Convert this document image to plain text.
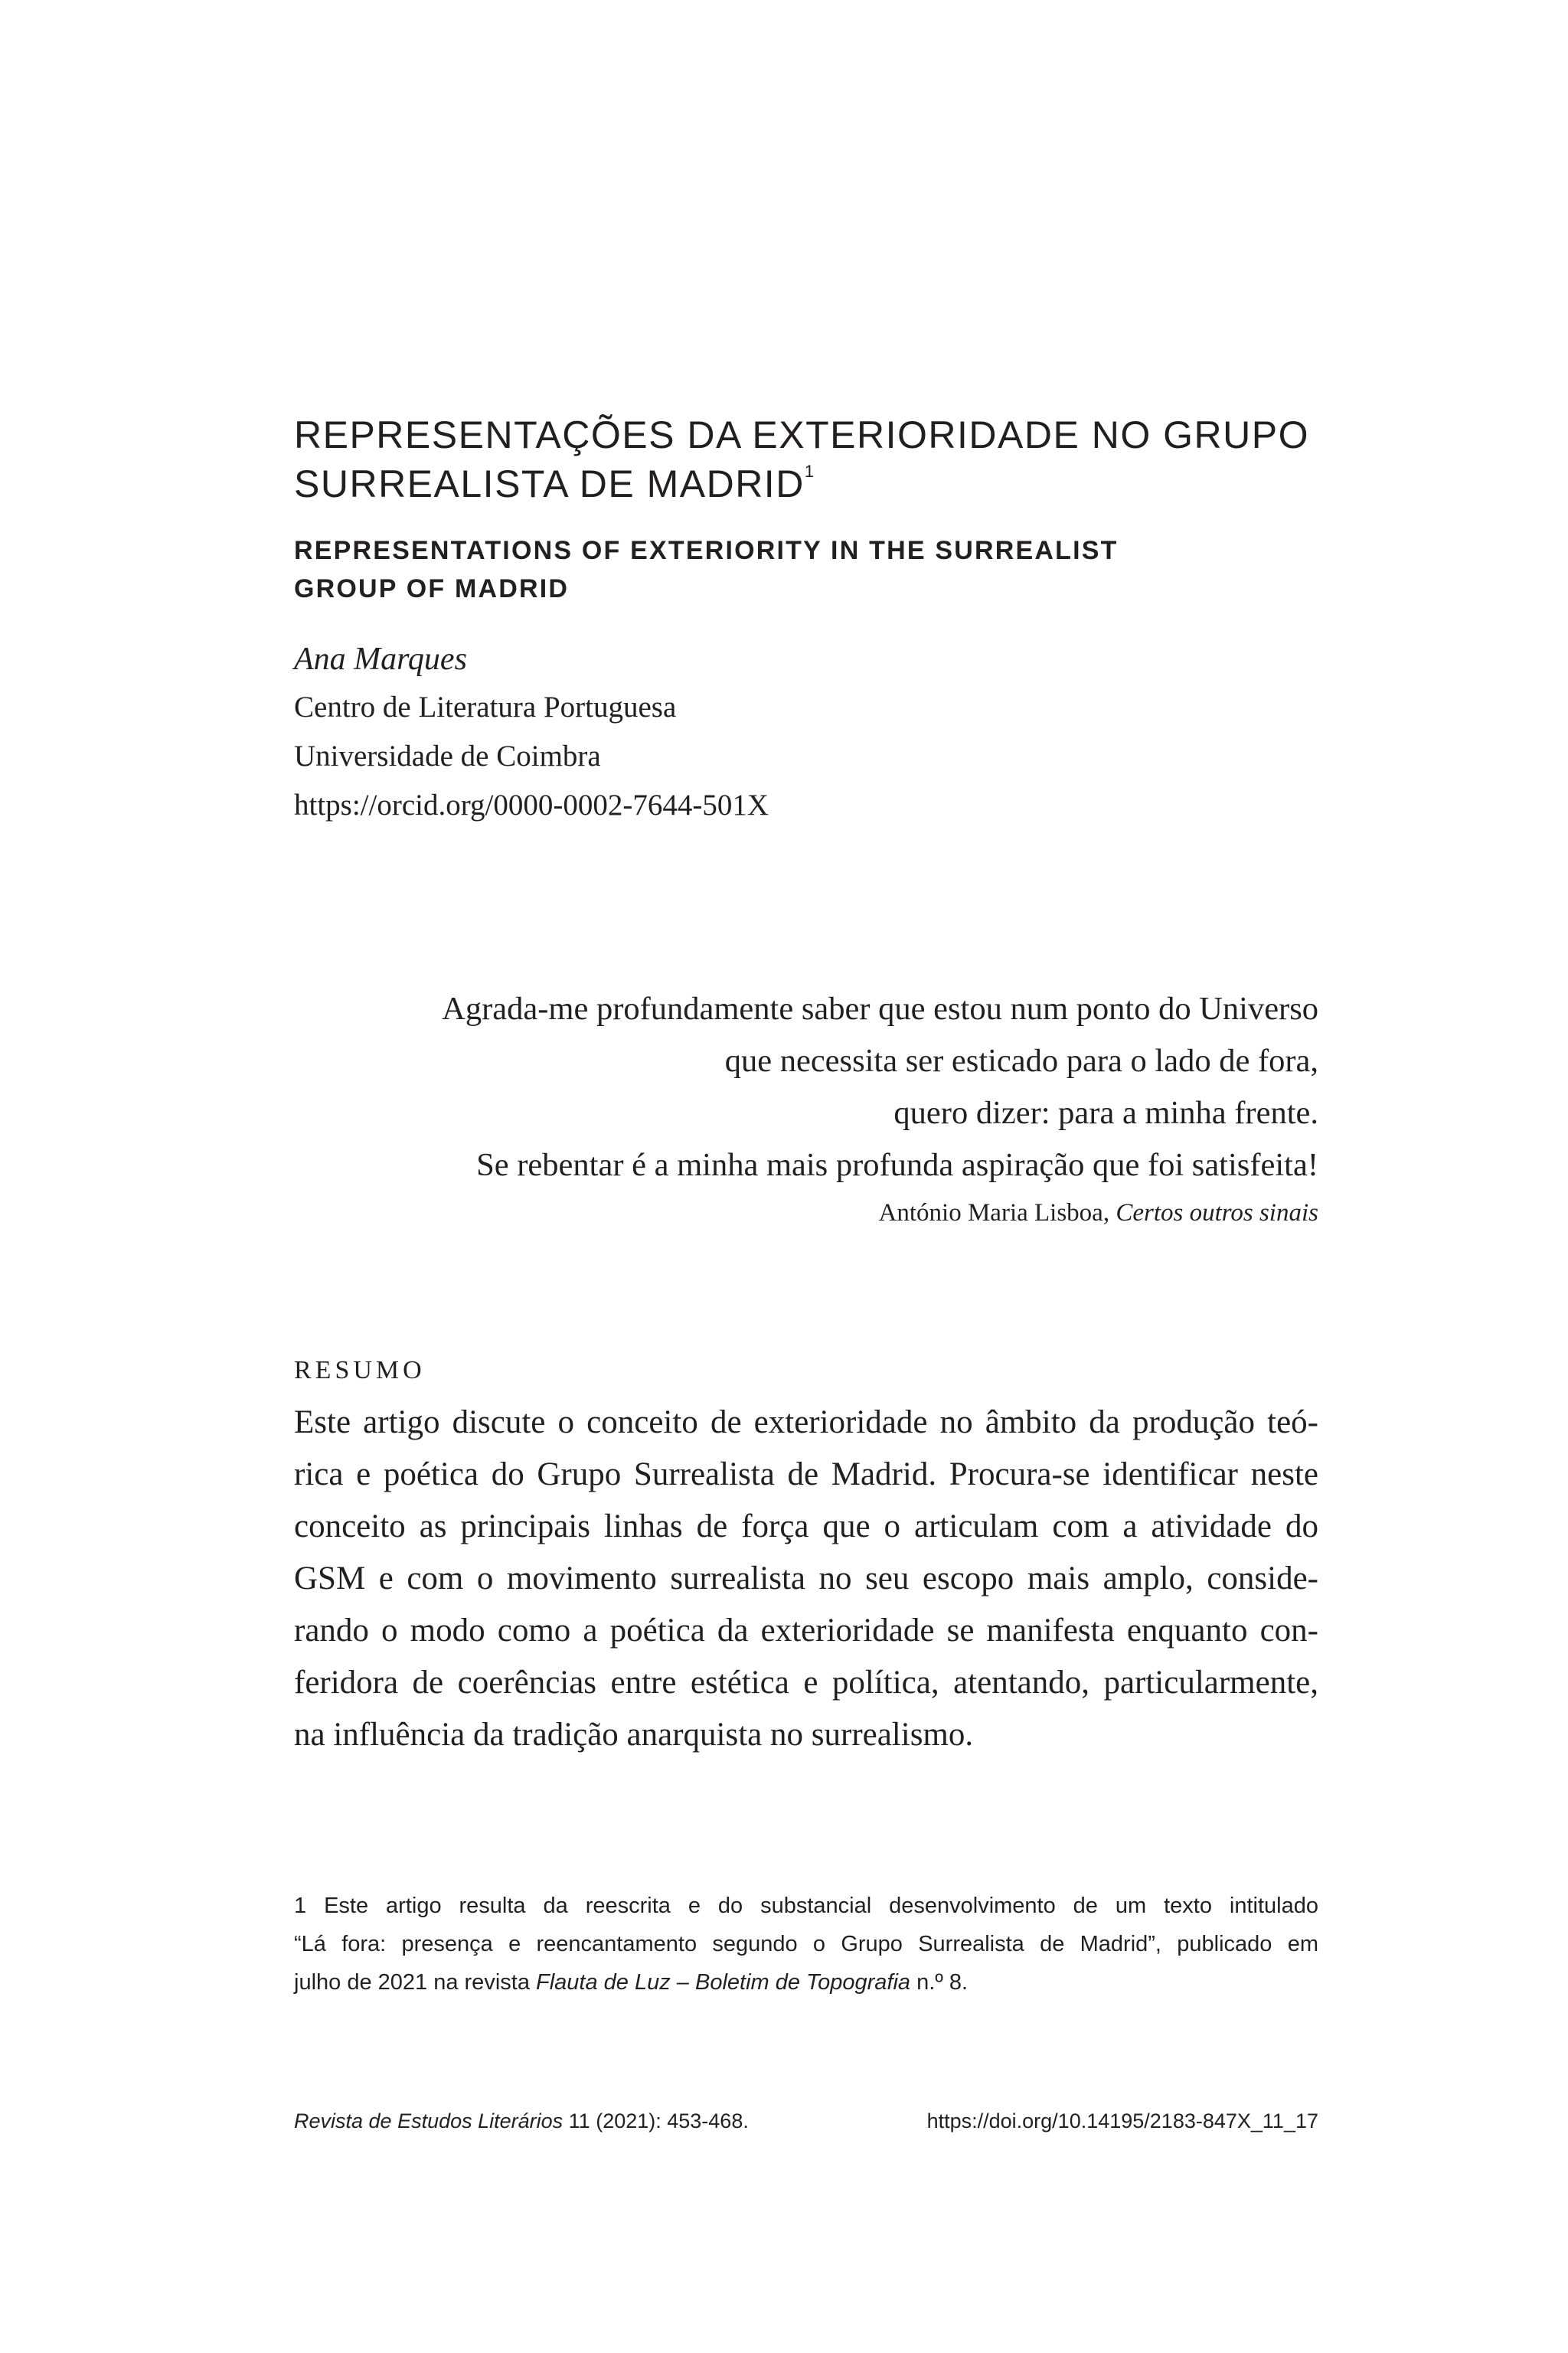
REPRESENTAÇÕES DA EXTERIORIDADE NO GRUPO
SURREALISTA DE MADRID$^1$
REPRESENTATIONS OF EXTERIORITY IN THE SURREALIST
GROUP OF MADRID
Ana Marques
Centro de Literatura Portuguesa
Universidade de Coimbra
https://orcid.org/0000-0002-7644-501X
Agrada-me profundamente saber que estou num ponto do Universo
que necessita ser esticado para o lado de fora,
quero dizer: para a minha frente.
Se rebentar é a minha mais profunda aspiração que foi satisfeita!
António Maria Lisboa, Certos outros sinais
RESUMO

Este artigo discute o conceito de exterioridade no âmbito da produção teó-
rica e poética do Grupo Surrealista de Madrid. Procura-se identificar neste
conceito as principais linhas de força que o articulam com a atividade do
GSM e com o movimento surrealista no seu escopo mais amplo, conside-
rando o modo como a poética da exterioridade se manifesta enquanto con-
feridora de coerências entre estética e política, atentando, particularmente,
na influência da tradição anarquista no surrealismo.

1 Este artigo resulta da reescrita e do substancial desenvolvimento de um texto intitulado
“Lá fora: presença e reencantamento segundo o Grupo Surrealista de Madrid”, publicado em
julho de 2021 na revista Flauta de Luz – Boletim de Topografia n.º 8.
Revista de Estudos Literários 11 (2021): 453-468.	https://doi.org/10.14195/2183-847X_11_17
